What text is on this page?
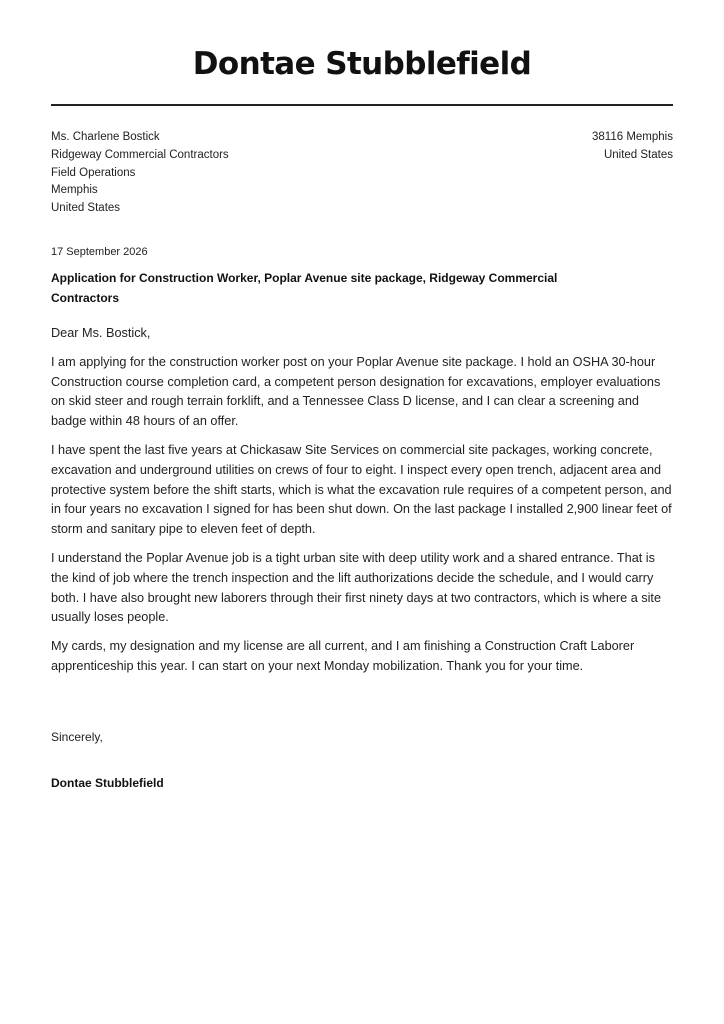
Dontae Stubblefield
Ms. Charlene Bostick
Ridgeway Commercial Contractors
Field Operations
Memphis
United States
38116 Memphis
United States
17 September 2026
Application for Construction Worker, Poplar Avenue site package, Ridgeway Commercial Contractors

Dear Ms. Bostick,

I am applying for the construction worker post on your Poplar Avenue site package. I hold an OSHA 30-hour Construction course completion card, a competent person designation for excavations, employer evaluations on skid steer and rough terrain forklift, and a Tennessee Class D license, and I can clear a screening and badge within 48 hours of an offer.

I have spent the last five years at Chickasaw Site Services on commercial site packages, working concrete, excavation and underground utilities on crews of four to eight. I inspect every open trench, adjacent area and protective system before the shift starts, which is what the excavation rule requires of a competent person, and in four years no excavation I signed for has been shut down. On the last package I installed 2,900 linear feet of storm and sanitary pipe to eleven feet of depth.

I understand the Poplar Avenue job is a tight urban site with deep utility work and a shared entrance. That is the kind of job where the trench inspection and the lift authorizations decide the schedule, and I would carry both. I have also brought new laborers through their first ninety days at two contractors, which is where a site usually loses people.

My cards, my designation and my license are all current, and I am finishing a Construction Craft Laborer apprenticeship this year. I can start on your next Monday mobilization. Thank you for your time.

Sincerely,
Dontae Stubblefield
